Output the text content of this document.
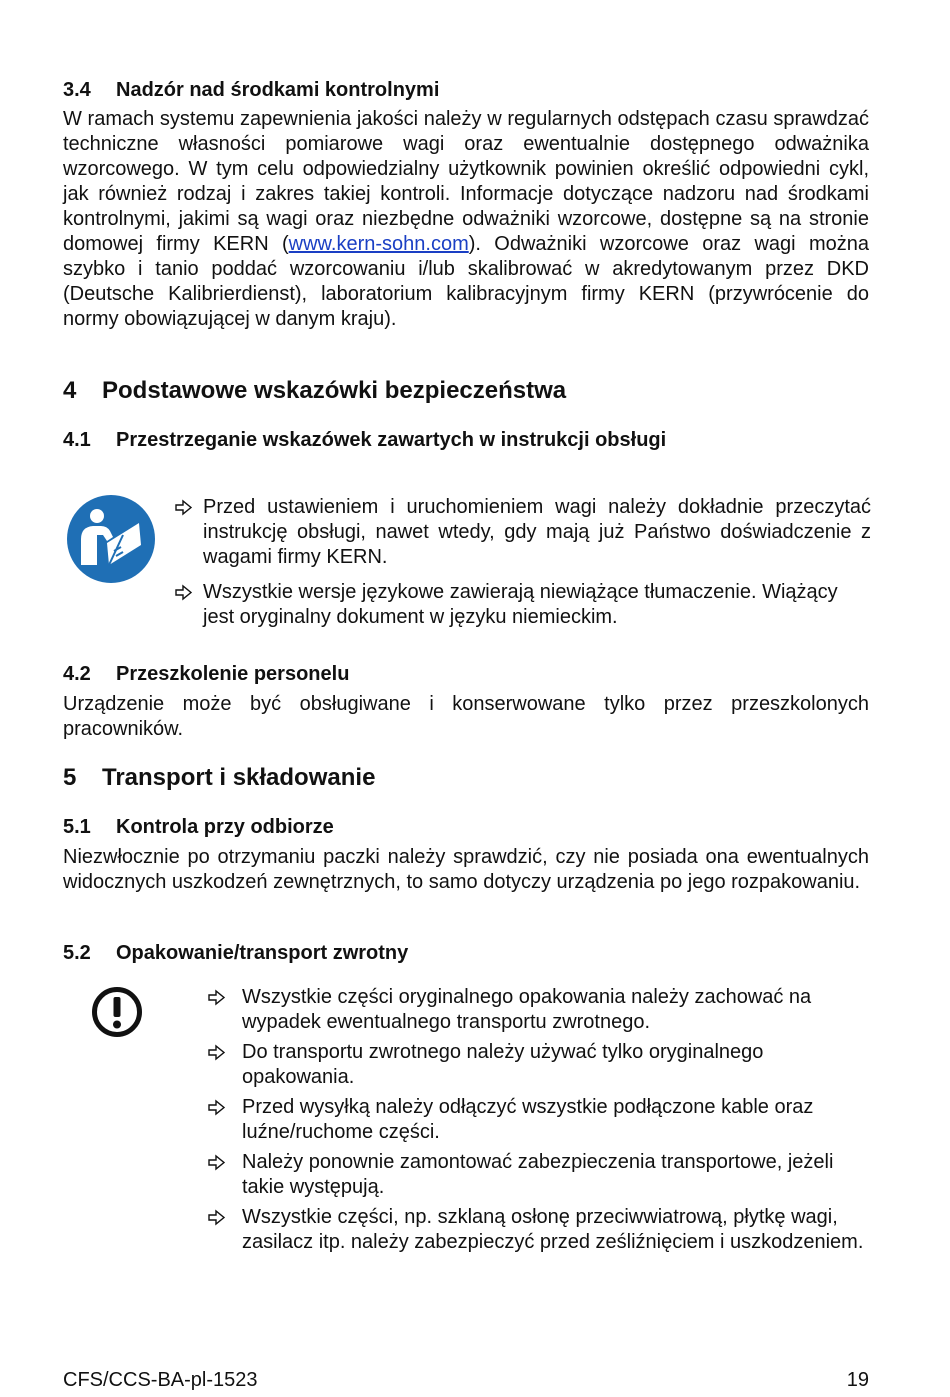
3.4 Nadzór nad środkami kontrolnymi

W ramach systemu zapewnienia jakości należy w regularnych odstępach czasu sprawdzać techniczne własności pomiarowe wagi oraz ewentualnie dostępnego odważnika wzorcowego. W tym celu odpowiedzialny użytkownik powinien określić odpowiedni cykl, jak również rodzaj i zakres takiej kontroli. Informacje dotyczące nadzoru nad środkami kontrolnymi, jakimi są wagi oraz niezbędne odważniki wzorcowe, dostępne są na stronie domowej firmy KERN (www.kern-sohn.com). Odważniki wzorcowe oraz wagi można szybko i tanio poddać wzorcowaniu i/lub skalibrować w akredytowanym przez DKD (Deutsche Kalibrierdienst), laboratorium kalibracyjnym firmy KERN (przywrócenie do normy obowiązującej w danym kraju).

4 Podstawowe wskazówki bezpieczeństwa
4.1 Przestrzeganie wskazówek zawartych w instrukcji obsługi
Przed ustawieniem i uruchomieniem wagi należy dokładnie przeczytać instrukcję obsługi, nawet wtedy, gdy mają już Państwo doświadczenie z wagami firmy KERN.
Wszystkie wersje językowe zawierają niewiążące tłumaczenie. Wiążący jest oryginalny dokument w języku niemieckim.
4.2 Przeszkolenie personelu

Urządzenie może być obsługiwane i konserwowane tylko przez przeszkolonych pracowników.

5 Transport i składowanie
5.1 Kontrola przy odbiorze

Niezwłocznie po otrzymaniu paczki należy sprawdzić, czy nie posiada ona ewentualnych widocznych uszkodzeń zewnętrznych, to samo dotyczy urządzenia po jego rozpakowaniu.

5.2 Opakowanie/transport zwrotny
Wszystkie części oryginalnego opakowania należy zachować na wypadek ewentualnego transportu zwrotnego.
Do transportu zwrotnego należy używać tylko oryginalnego opakowania.
Przed wysyłką należy odłączyć wszystkie podłączone kable oraz luźne/ruchome części.
Należy ponownie zamontować zabezpieczenia transportowe, jeżeli takie występują.
Wszystkie części, np. szklaną osłonę przeciwwiatrową, płytkę wagi, zasilacz itp. należy zabezpieczyć przed ześliźnięciem i uszkodzeniem.
CFS/CCS-BA-pl-1523	19
